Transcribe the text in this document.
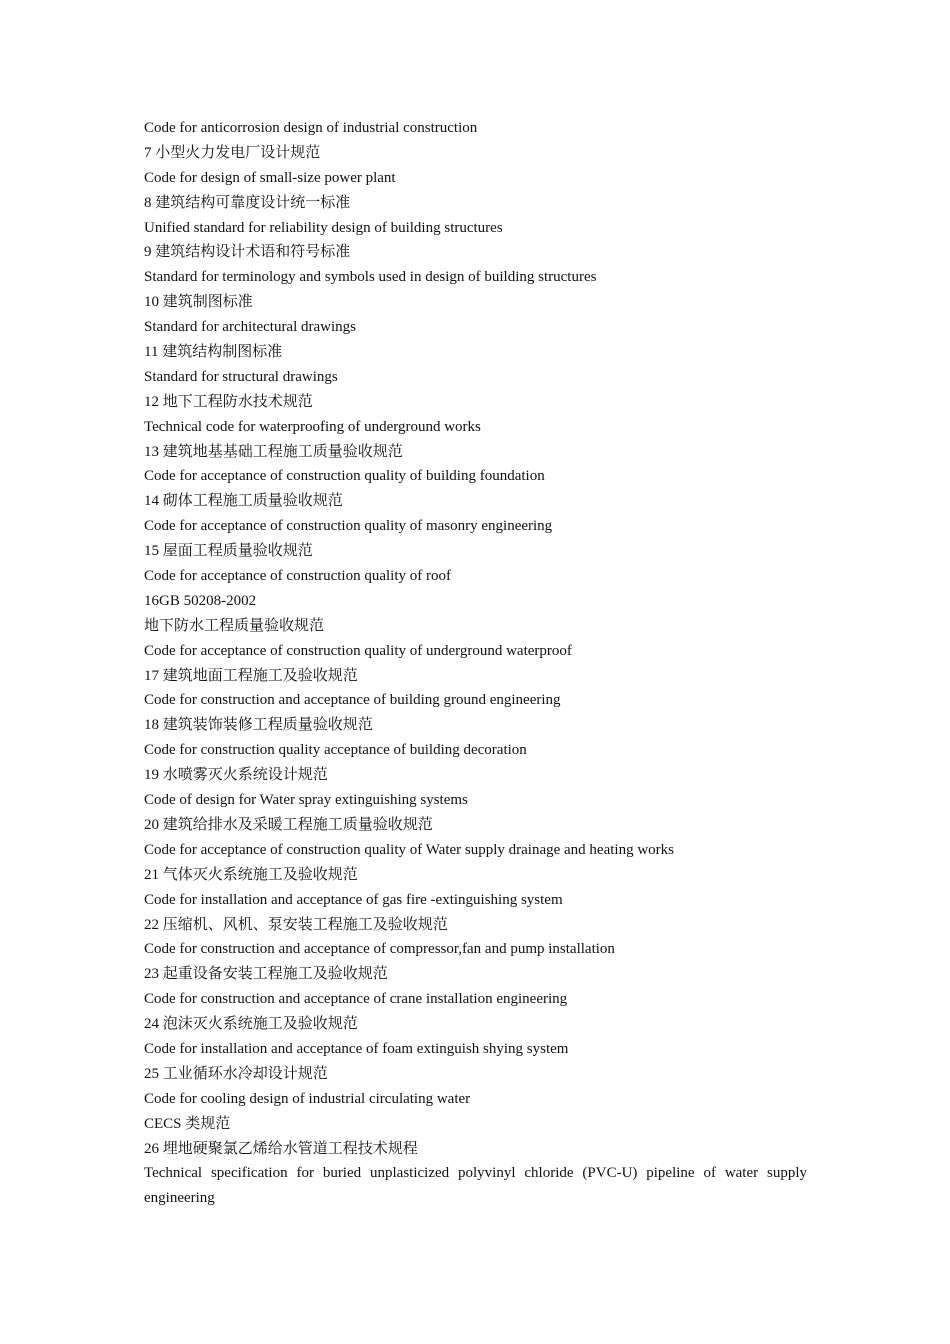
Code for anticorrosion design of industrial construction
7 小型火力发电厂设计规范
Code for design of small-size power plant
8 建筑结构可靠度设计统一标准
Unified standard for reliability design of building structures
9 建筑结构设计术语和符号标准
Standard for terminology and symbols used in design of building structures
10 建筑制图标准
Standard for architectural drawings
11 建筑结构制图标准
Standard for structural drawings
12 地下工程防水技术规范
Technical code for waterproofing of underground works
13 建筑地基基础工程施工质量验收规范
Code for acceptance of construction quality of building foundation
14 砌体工程施工质量验收规范
Code for acceptance of construction quality of masonry engineering
15 屋面工程质量验收规范
Code for acceptance of construction quality of roof
16GB 50208-2002
地下防水工程质量验收规范
Code for acceptance of construction quality of underground waterproof
17 建筑地面工程施工及验收规范
Code for construction and acceptance of building ground engineering
18 建筑装饰装修工程质量验收规范
Code for construction quality acceptance of building decoration
19 水喷雾灭火系统设计规范
Code of design for Water spray extinguishing systems
20 建筑给排水及采暖工程施工质量验收规范
Code for acceptance of construction quality of Water supply drainage and heating works
21 气体灭火系统施工及验收规范
Code for installation and acceptance of gas fire -extinguishing system
22 压缩机、风机、泵安装工程施工及验收规范
Code for construction and acceptance of compressor,fan and pump installation
23 起重设备安装工程施工及验收规范
Code for construction and acceptance of crane installation engineering
24 泡沫灭火系统施工及验收规范
Code for installation and acceptance of foam extinguish shying system
25 工业循环水冷却设计规范
Code for cooling design of industrial circulating water
CECS 类规范
26 埋地硬聚氯乙烯给水管道工程技术规程
Technical specification for buried unplasticized polyvinyl chloride (PVC-U) pipeline of water supply engineering
